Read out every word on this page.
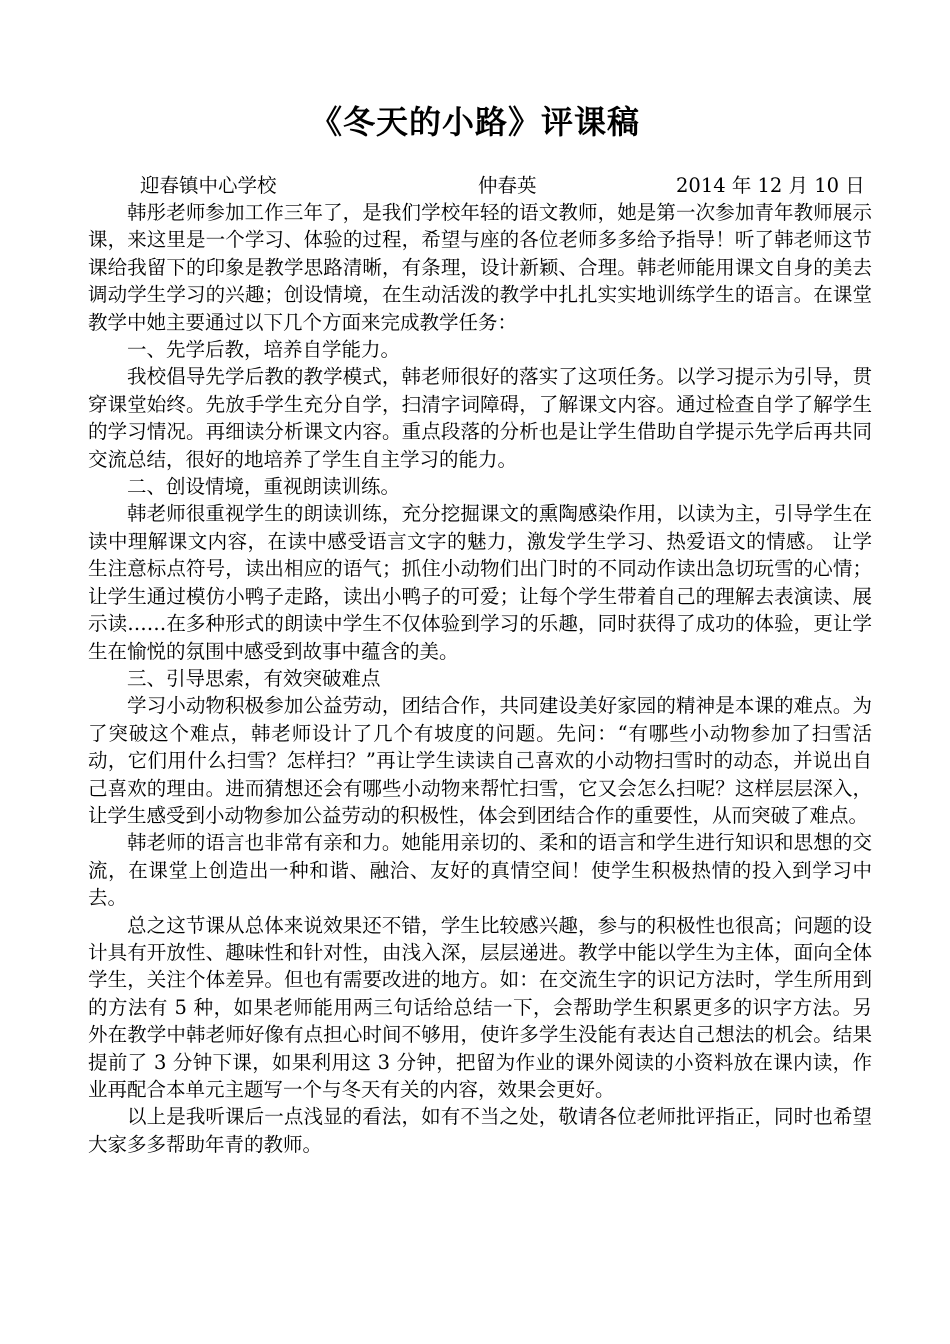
《冬天的小路》评课稿
迎春镇中心学校	仲春英	2014 年 12 月 10 日

韩彤老师参加工作三年了，是我们学校年轻的语文教师，她是第一次参加青年教师展示课，来这里是一个学习、体验的过程，希望与座的各位老师多多给予指导！听了韩老师这节课给我留下的印象是教学思路清晰，有条理，设计新颖、合理。韩老师能用课文自身的美去调动学生学习的兴趣；创设情境，在生动活泼的教学中扎扎实实地训练学生的语言。在课堂教学中她主要通过以下几个方面来完成教学任务：

一、先学后教，培养自学能力。

我校倡导先学后教的教学模式，韩老师很好的落实了这项任务。以学习提示为引导，贯穿课堂始终。先放手学生充分自学，扫清字词障碍，了解课文内容。通过检查自学了解学生的学习情况。再细读分析课文内容。重点段落的分析也是让学生借助自学提示先学后再共同交流总结，很好的地培养了学生自主学习的能力。

二、创设情境，重视朗读训练。

韩老师很重视学生的朗读训练，充分挖掘课文的熏陶感染作用，以读为主，引导学生在读中理解课文内容，在读中感受语言文字的魅力，激发学生学习、热爱语文的情感。 让学生注意标点符号，读出相应的语气；抓住小动物们出门时的不同动作读出急切玩雪的心情；让学生通过模仿小鸭子走路，读出小鸭子的可爱；让每个学生带着自己的理解去表演读、展示读……在多种形式的朗读中学生不仅体验到学习的乐趣，同时获得了成功的体验，更让学生在愉悦的氛围中感受到故事中蕴含的美。

三、引导思索，有效突破难点

学习小动物积极参加公益劳动，团结合作，共同建设美好家园的精神是本课的难点。为了突破这个难点，韩老师设计了几个有坡度的问题。先问：“有哪些小动物参加了扫雪活动，它们用什么扫雪？怎样扫？”再让学生读读自己喜欢的小动物扫雪时的动态，并说出自己喜欢的理由。进而猜想还会有哪些小动物来帮忙扫雪，它又会怎么扫呢？这样层层深入，让学生感受到小动物参加公益劳动的积极性，体会到团结合作的重要性，从而突破了难点。

韩老师的语言也非常有亲和力。她能用亲切的、柔和的语言和学生进行知识和思想的交流，在课堂上创造出一种和谐、融洽、友好的真情空间！使学生积极热情的投入到学习中去。

总之这节课从总体来说效果还不错，学生比较感兴趣，参与的积极性也很高；问题的设计具有开放性、趣味性和针对性，由浅入深，层层递进。教学中能以学生为主体，面向全体学生，关注个体差异。但也有需要改进的地方。如：在交流生字的识记方法时，学生所用到的方法有 5 种，如果老师能用两三句话给总结一下，会帮助学生积累更多的识字方法。另外在教学中韩老师好像有点担心时间不够用，使许多学生没能有表达自己想法的机会。结果提前了 3 分钟下课，如果利用这 3 分钟，把留为作业的课外阅读的小资料放在课内读，作业再配合本单元主题写一个与冬天有关的内容，效果会更好。

以上是我听课后一点浅显的看法，如有不当之处，敬请各位老师批评指正，同时也希望大家多多帮助年青的教师。
